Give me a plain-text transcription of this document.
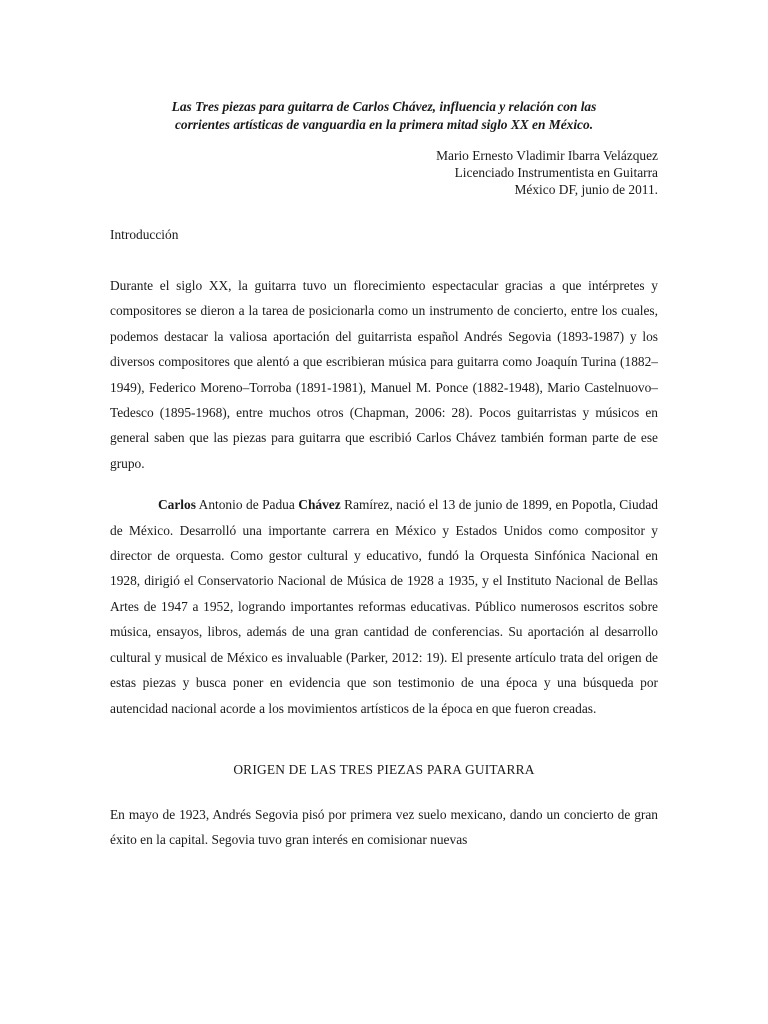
Las Tres piezas para guitarra de Carlos Chávez, influencia y relación con las
corrientes artísticas de vanguardia en la primera mitad siglo XX en México.
Mario Ernesto Vladimir Ibarra Velázquez
Licenciado Instrumentista en Guitarra
México DF, junio de 2011.
Introducción

Durante el siglo XX, la guitarra tuvo un florecimiento espectacular gracias a que intérpretes y compositores se dieron a la tarea de posicionarla como un instrumento de concierto, entre los cuales, podemos destacar la valiosa aportación del guitarrista español Andrés Segovia (1893-1987) y los diversos compositores que alentó a que escribieran música para guitarra como Joaquín Turina (1882–1949), Federico Moreno–Torroba (1891-1981), Manuel M. Ponce (1882-1948), Mario Castelnuovo–Tedesco (1895-1968), entre muchos otros (Chapman, 2006: 28). Pocos guitarristas y músicos en general saben que las piezas para guitarra que escribió Carlos Chávez también forman parte de ese grupo.

Carlos Antonio de Padua Chávez Ramírez, nació el 13 de junio de 1899, en Popotla, Ciudad de México. Desarrolló una importante carrera en México y Estados Unidos como compositor y director de orquesta. Como gestor cultural y educativo, fundó la Orquesta Sinfónica Nacional en 1928, dirigió el Conservatorio Nacional de Música de 1928 a 1935, y el Instituto Nacional de Bellas Artes de 1947 a 1952, logrando importantes reformas educativas. Público numerosos escritos sobre música, ensayos, libros, además de una gran cantidad de conferencias. Su aportación al desarrollo cultural y musical de México es invaluable (Parker, 2012: 19). El presente artículo trata del origen de estas piezas y busca poner en evidencia que son testimonio de una época y una búsqueda por autencidad nacional acorde a los movimientos artísticos de la época en que fueron creadas.

ORIGEN DE LAS TRES PIEZAS PARA GUITARRA

En mayo de 1923, Andrés Segovia pisó por primera vez suelo mexicano, dando un concierto de gran éxito en la capital. Segovia tuvo gran interés en comisionar nuevas
